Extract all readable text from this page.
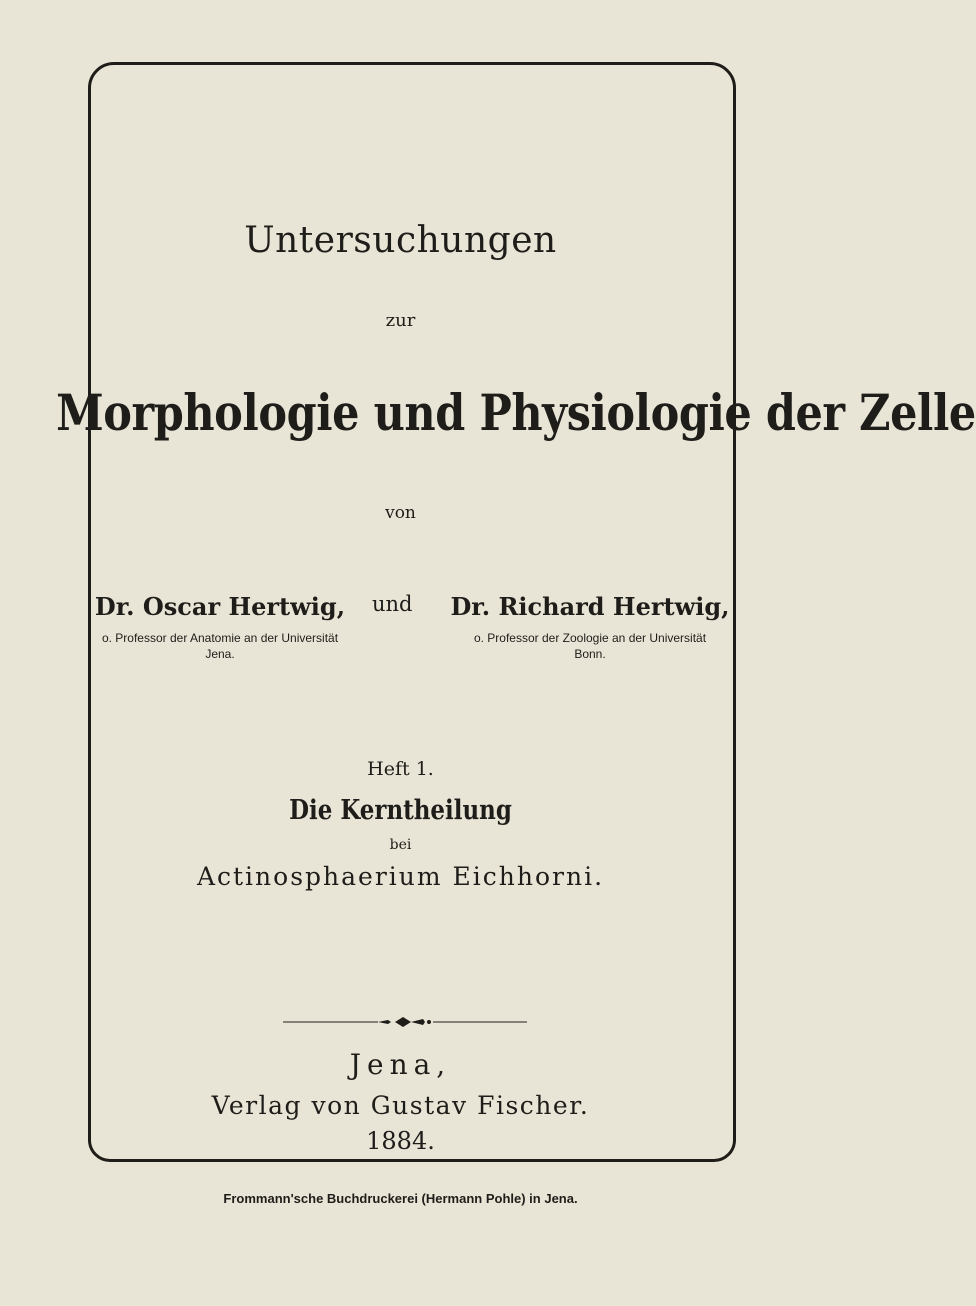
Untersuchungen
zur
Morphologie und Physiologie der Zelle
von
Dr. Oscar Hertwig,
o. Professor der Anatomie an der Universität
Jena.
und	Dr. Richard Hertwig,
o. Professor der Zoologie an der Universität
Bonn.
Heft 1.
Die Kerntheilung
bei
Actinosphaerium Eichhorni.
Jena,
Verlag von Gustav Fischer.
1884.
Frommann'sche Buchdruckerei (Hermann Pohle) in Jena.
